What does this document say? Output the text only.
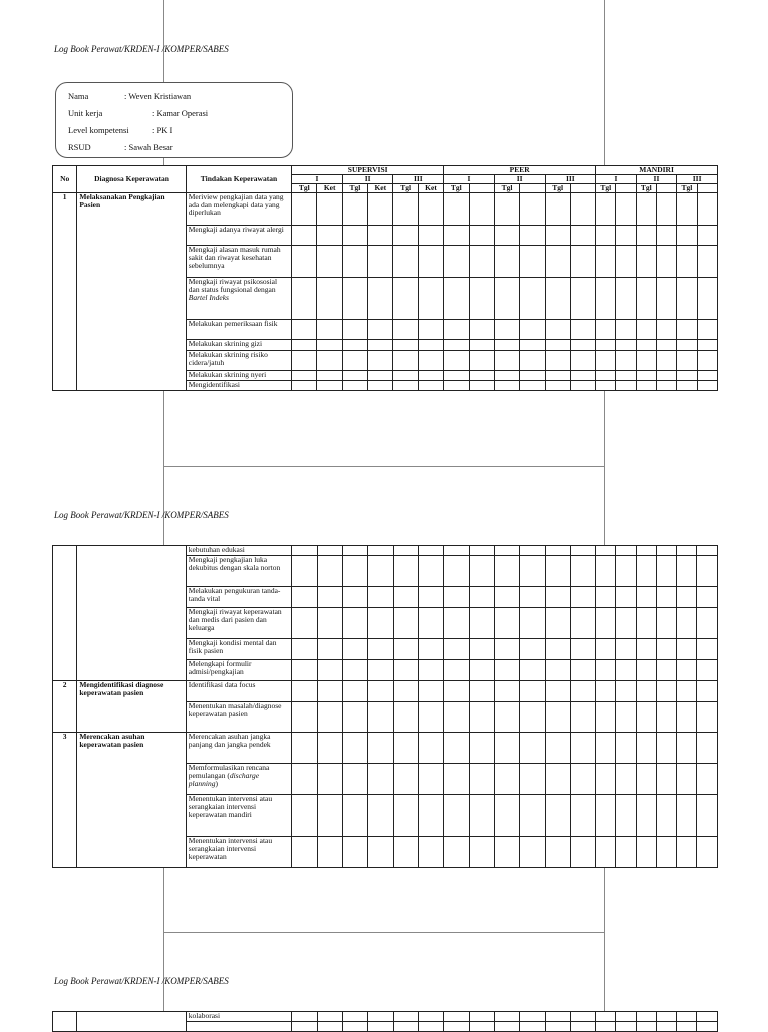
Log Book Perawat/KRDEN-I /KOMPER/SABES
Log Book Perawat/KRDEN-I /KOMPER/SABES
Log Book Perawat/KRDEN-I /KOMPER/SABES
Nama	: Weven Kristiawan
Unit kerja	: Kamar Operasi
Level kompetensi	: PK I
RSUD	: Sawah Besar
No	Diagnosa Keperawatan	Tindakan Keperawatan	SUPERVISI						PEER						MANDIRI					
			I		II		III		I		II		III		I		II		III	
			Tgl	Ket	Tgl	Ket	Tgl	Ket	Tgl		Tgl		Tgl		Tgl		Tgl		Tgl	
1	Melaksanakan Pengkajian Pasien	Meriview pengkajian data yang ada dan melengkapi data yang diperlukan																		
		Mengkaji adanya riwayat alergi																		
		Mengkaji alasan masuk rumah sakit dan riwayat kesehatan sebelumnya																		
		Mengkaji riwayat psikososial dan status fungsional dengan Bartel Indeks																		
		Melakukan pemeriksaan fisik																		
		Melakukan skrining gizi																		
		Melakukan skrining risiko cidera/jatuh																		
		Melakukan skrining nyeri																		
		Mengidentifikasi																		
		kebutuhan edukasi																		
		Mengkaji pengkajian luka dekubitus dengan skala norton																		
		Melakukan pengukuran tanda-tanda vital																		
		Mengkaji riwayat keperawatan dan medis dari pasien dan keluarga																		
		Mengkaji kondisi mental dan fisik pasien																		
		Melengkapi formulir admisi/pengkajian																		
2	Mengidentifikasi diagnose keperawatan pasien	Identifikasi data focus																		
		Menentukan masalah/diagnose keperawatan pasien																		
3	Merencakan asuhan keperawatan pasien	Merencakan asuhan jangka panjang dan jangka pendek																		
		Memformulasikan rencana pemulangan (discharge planning)																		
		Menentukan intervensi atau serangkaian intervensi keperawatan mandiri																		
		Menentukan intervensi atau serangkaian intervensi keperawatan																		
		kolaborasi																		
